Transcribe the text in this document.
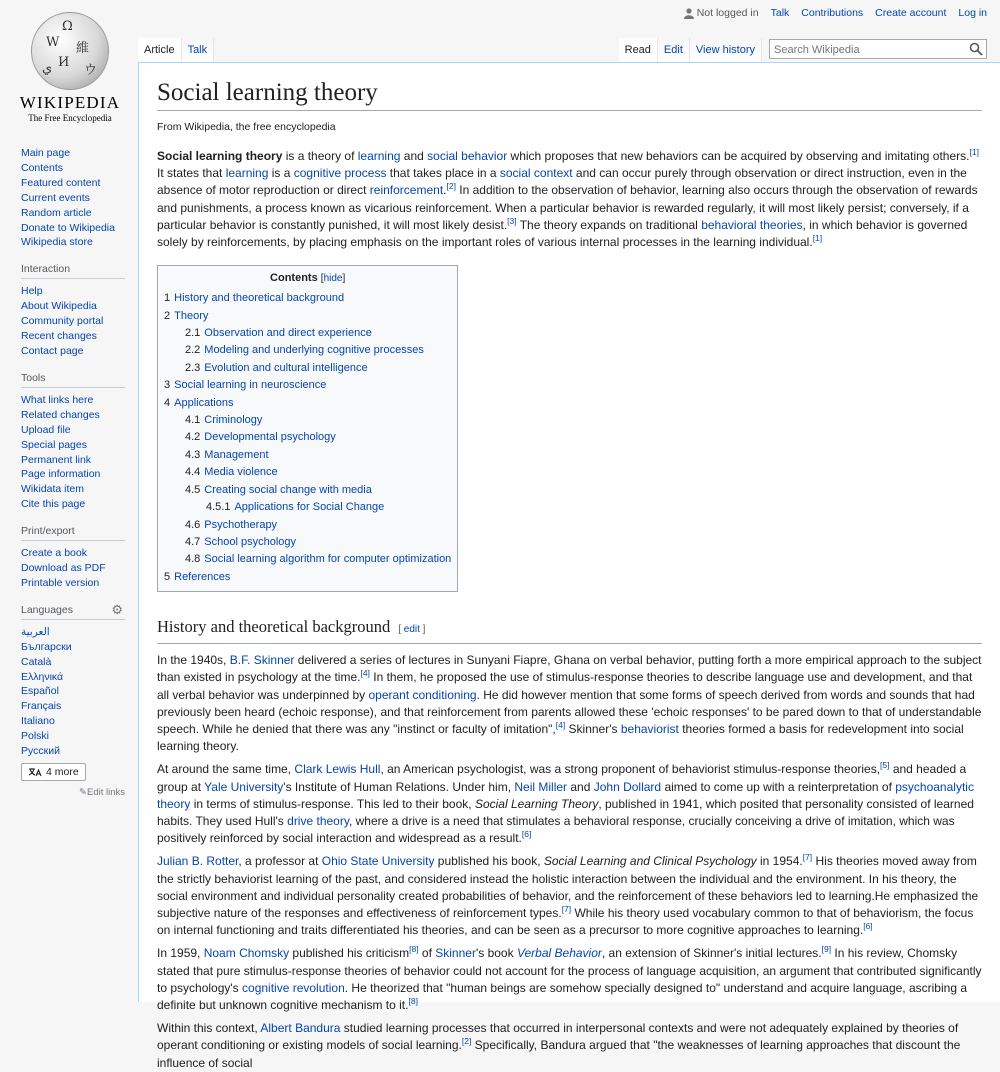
Ω
W 維
И
ウ
ي
WIKIPEDIA
The Free Encyclopedia
Not logged in Talk Contributions Create account Log in
Article	Talk	Read	Edit	View history
Search Wikipedia
Main page
Contents
Featured content
Current events
Random article
Donate to Wikipedia
Wikipedia store
Interaction
Help
About Wikipedia
Community portal
Recent changes
Contact page
Tools
What links here
Related changes
Upload file
Special pages
Permanent link
Page information
Wikidata item
Cite this page
Print/export
Create a book
Download as PDF
Printable version
Languages	⚙
العربية
Български
Català
Ελληνικά
Español
Français
Italiano
Polski
Русский
4 more
✎Edit links
Social learning theory
From Wikipedia, the free encyclopedia

Social learning theory is a theory of learning and social behavior which proposes that new behaviors can be acquired by observing and imitating others.[1] It states that learning is a cognitive process that takes place in a social context and can occur purely through observation or direct instruction, even in the absence of motor reproduction or direct reinforcement.[2] In addition to the observation of behavior, learning also occurs through the observation of rewards and punishments, a process known as vicarious reinforcement. When a particular behavior is rewarded regularly, it will most likely persist; conversely, if a particular behavior is constantly punished, it will most likely desist.[3] The theory expands on traditional behavioral theories, in which behavior is governed solely by reinforcements, by placing emphasis on the important roles of various internal processes in the learning individual.[1]

Contents [hide]
1 History and theoretical background
2 Theory
2.1 Observation and direct experience
2.2 Modeling and underlying cognitive processes
2.3 Evolution and cultural intelligence
3 Social learning in neuroscience
4 Applications
4.1 Criminology
4.2 Developmental psychology
4.3 Management
4.4 Media violence
4.5 Creating social change with media
4.5.1 Applications for Social Change
4.6 Psychotherapy
4.7 School psychology
4.8 Social learning algorithm for computer optimization
5 References
History and theoretical background [ edit ]

In the 1940s, B.F. Skinner delivered a series of lectures in Sunyani Fiapre, Ghana on verbal behavior, putting forth a more empirical approach to the subject than existed in psychology at the time.[4] In them, he proposed the use of stimulus-response theories to describe language use and development, and that all verbal behavior was underpinned by operant conditioning. He did however mention that some forms of speech derived from words and sounds that had previously been heard (echoic response), and that reinforcement from parents allowed these 'echoic responses' to be pared down to that of understandable speech. While he denied that there was any "instinct or faculty of imitation",[4] Skinner's behaviorist theories formed a basis for redevelopment into social learning theory.

At around the same time, Clark Lewis Hull, an American psychologist, was a strong proponent of behaviorist stimulus-response theories,[5] and headed a group at Yale University's Institute of Human Relations. Under him, Neil Miller and John Dollard aimed to come up with a reinterpretation of psychoanalytic theory in terms of stimulus-response. This led to their book, Social Learning Theory, published in 1941, which posited that personality consisted of learned habits. They used Hull's drive theory, where a drive is a need that stimulates a behavioral response, crucially conceiving a drive of imitation, which was positively reinforced by social interaction and widespread as a result.[6]

Julian B. Rotter, a professor at Ohio State University published his book, Social Learning and Clinical Psychology in 1954.[7] His theories moved away from the strictly behaviorist learning of the past, and considered instead the holistic interaction between the individual and the environment. In his theory, the social environment and individual personality created probabilities of behavior, and the reinforcement of these behaviors led to learning.He emphasized the subjective nature of the responses and effectiveness of reinforcement types.[7] While his theory used vocabulary common to that of behaviorism, the focus on internal functioning and traits differentiated his theories, and can be seen as a precursor to more cognitive approaches to learning.[6]

In 1959, Noam Chomsky published his criticism[8] of Skinner's book Verbal Behavior, an extension of Skinner's initial lectures.[9] In his review, Chomsky stated that pure stimulus-response theories of behavior could not account for the process of language acquisition, an argument that contributed significantly to psychology's cognitive revolution. He theorized that "human beings are somehow specially designed to" understand and acquire language, ascribing a definite but unknown cognitive mechanism to it.[8]

Within this context, Albert Bandura studied learning processes that occurred in interpersonal contexts and were not adequately explained by theories of operant conditioning or existing models of social learning.[2] Specifically, Bandura argued that "the weaknesses of learning approaches that discount the influence of social
